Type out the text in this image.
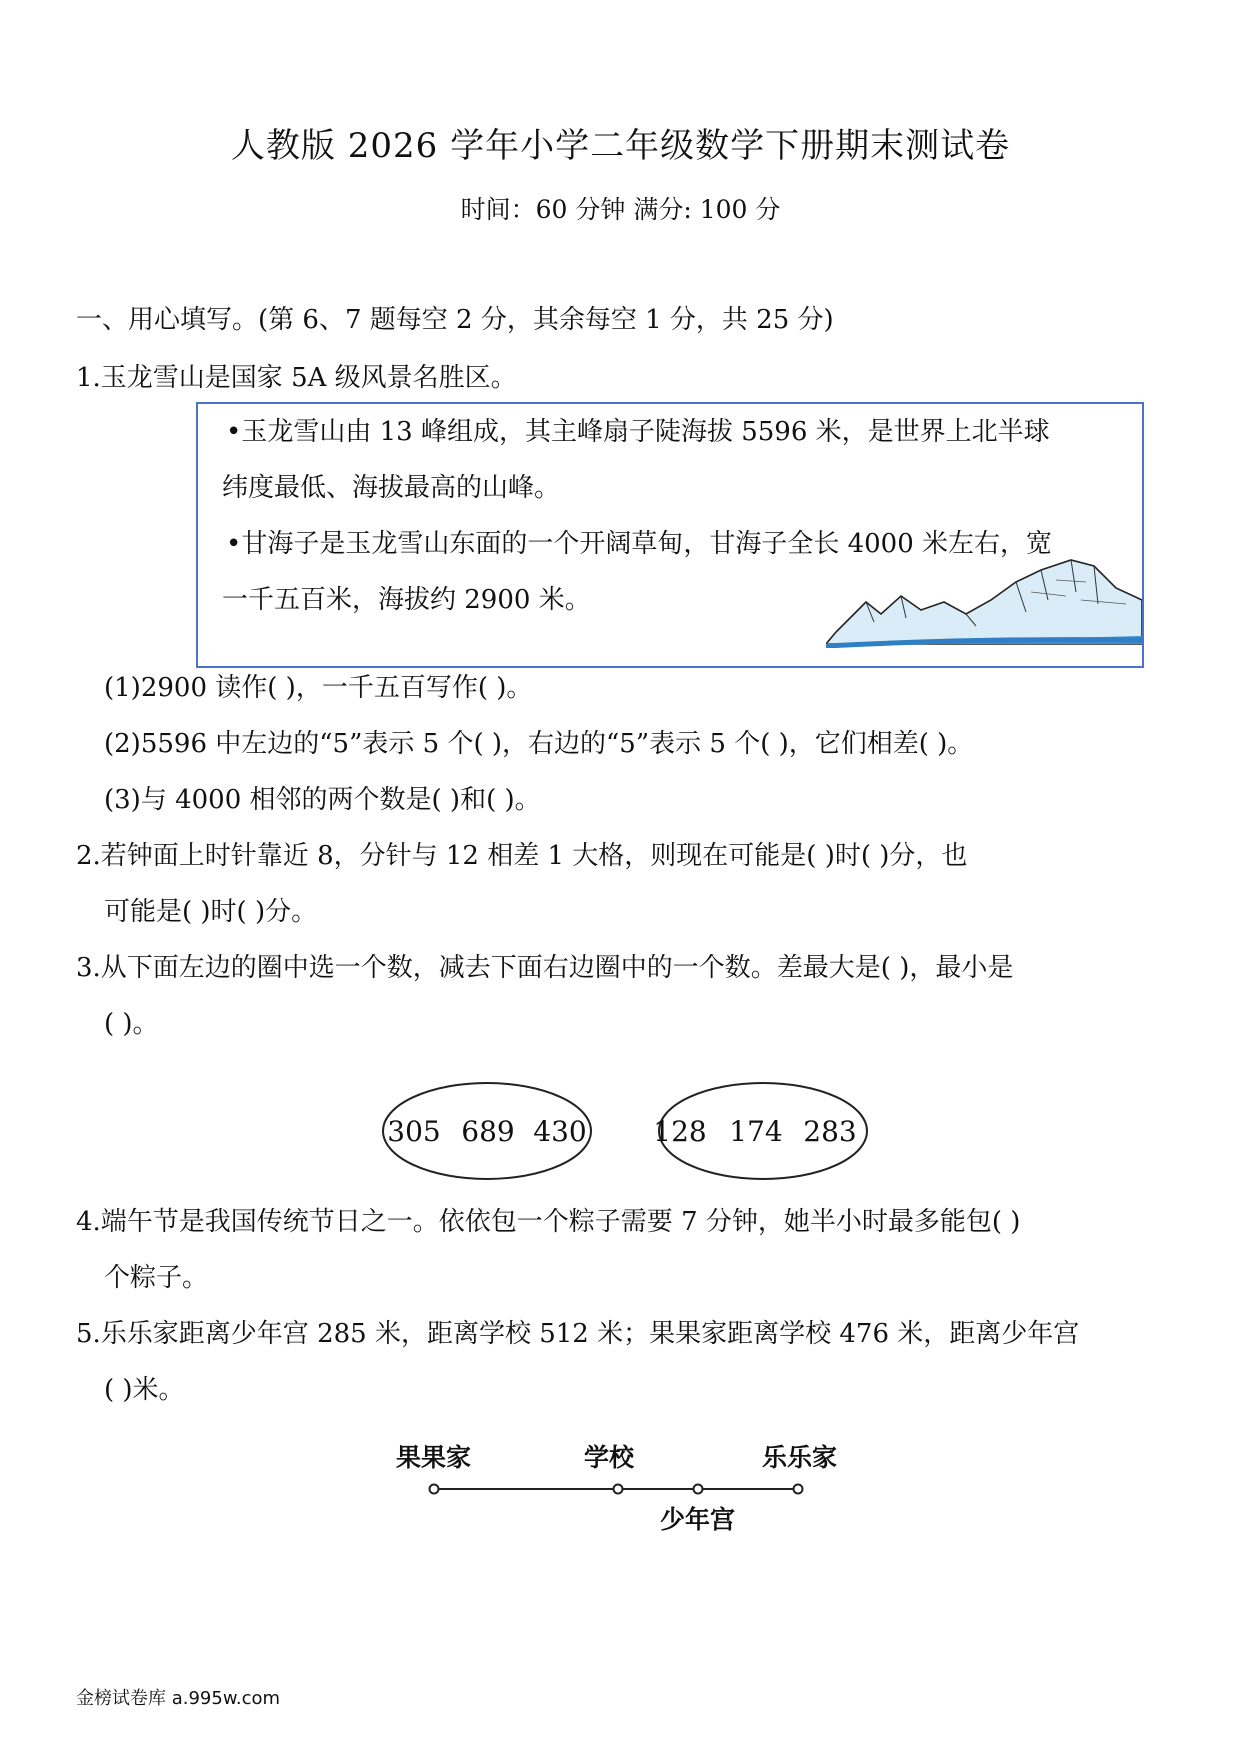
人教版 2026 学年小学二年级数学下册期末测试卷
时间：60 分钟 满分: 100 分
一、用心填写。(第 6、7 题每空 2 分，其余每空 1 分，共 25 分)
1.玉龙雪山是国家 5A 级风景名胜区。
•玉龙雪山由 13 峰组成，其主峰扇子陡海拔 5596 米，是世界上北半球
纬度最低、海拔最高的山峰。
•甘海子是玉龙雪山东面的一个开阔草甸，甘海子全长 4000 米左右，宽
一千五百米，海拔约 2900 米。
(1)2900 读作( )，一千五百写作( )。
(2)5596 中左边的“5”表示 5 个( )，右边的“5”表示 5 个( )，它们相差( )。
(3)与 4000 相邻的两个数是( )和( )。
2.若钟面上时针靠近 8，分针与 12 相差 1 大格，则现在可能是( )时( )分，也
可能是( )时( )分。
3.从下面左边的圈中选一个数，减去下面右边圈中的一个数。差最大是( )，最小是
( )。
305 689 430 128 174 283
4.端午节是我国传统节日之一。依依包一个粽子需要 7 分钟，她半小时最多能包( )
个粽子。
5.乐乐家距离少年宫 285 米，距离学校 512 米；果果家距离学校 476 米，距离少年宫
( )米。
果果家	学校	乐乐家
少年宫
金榜试卷库 a.995w.com
